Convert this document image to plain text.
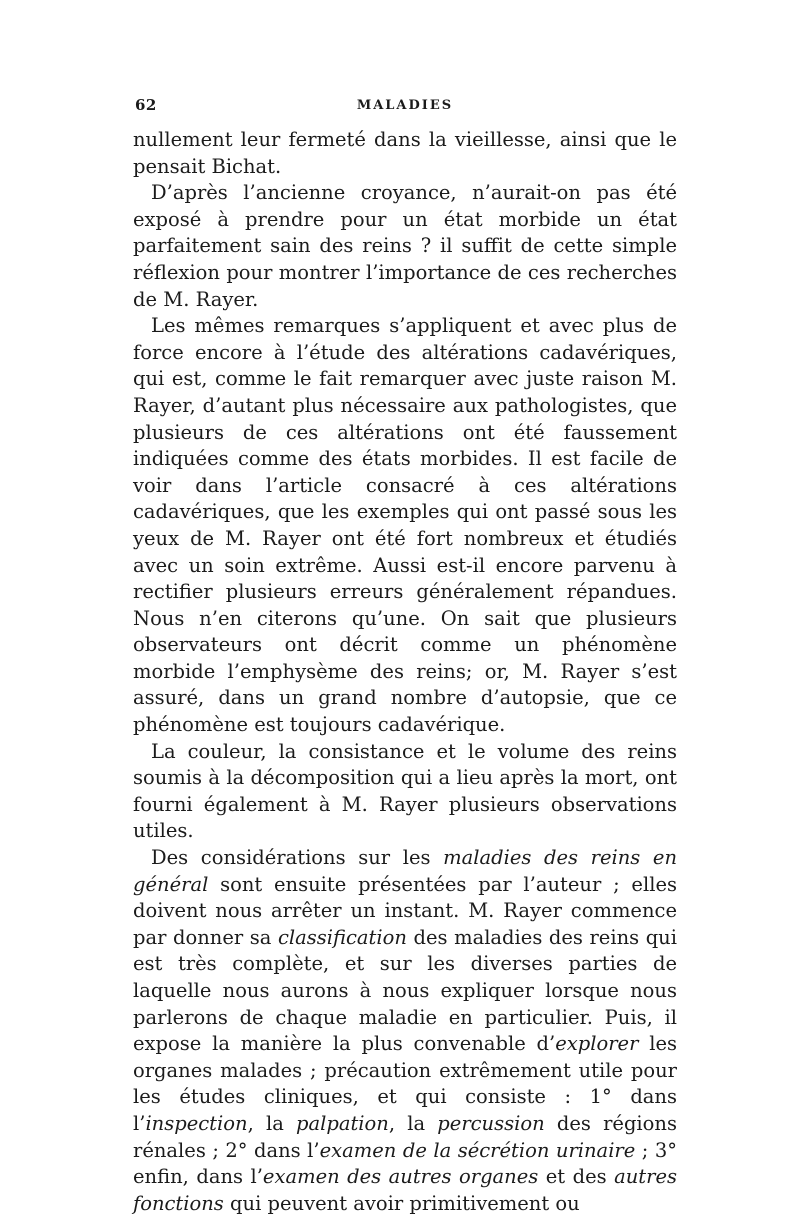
62	MALADIES

nullement leur fermeté dans la vieillesse, ainsi que le pensait Bichat.

D’après l’ancienne croyance, n’aurait-on pas été exposé à prendre pour un état morbide un état parfaitement sain des reins ? il suffit de cette simple réflexion pour montrer l’importance de ces recherches de M. Rayer.

Les mêmes remarques s’appliquent et avec plus de force encore à l’étude des altérations cadavériques, qui est, comme le fait remarquer avec juste raison M. Rayer, d’autant plus nécessaire aux pathologistes, que plusieurs de ces altérations ont été faussement indiquées comme des états morbides. Il est facile de voir dans l’article consacré à ces altérations cadavériques, que les exemples qui ont passé sous les yeux de M. Rayer ont été fort nombreux et étudiés avec un soin extrême. Aussi est-il encore parvenu à rectifier plusieurs erreurs généralement répandues. Nous n’en citerons qu’une. On sait que plusieurs observateurs ont décrit comme un phénomène morbide l’emphysème des reins; or, M. Rayer s’est assuré, dans un grand nombre d’autopsie, que ce phénomène est toujours cadavérique.

La couleur, la consistance et le volume des reins soumis à la décomposition qui a lieu après la mort, ont fourni également à M. Rayer plusieurs observations utiles.

Des considérations sur les maladies des reins en général sont ensuite présentées par l’auteur ; elles doivent nous arrêter un instant. M. Rayer commence par donner sa classification des maladies des reins qui est très complète, et sur les diverses parties de laquelle nous aurons à nous expliquer lorsque nous parlerons de chaque maladie en particulier. Puis, il expose la manière la plus convenable d’explorer les organes malades ; précaution extrêmement utile pour les études cliniques, et qui consiste : 1° dans l’inspection, la palpation, la percussion des régions rénales ; 2° dans l’examen de la sécrétion urinaire ; 3° enfin, dans l’examen des autres organes et des autres fonctions qui peuvent avoir primitivement ou
